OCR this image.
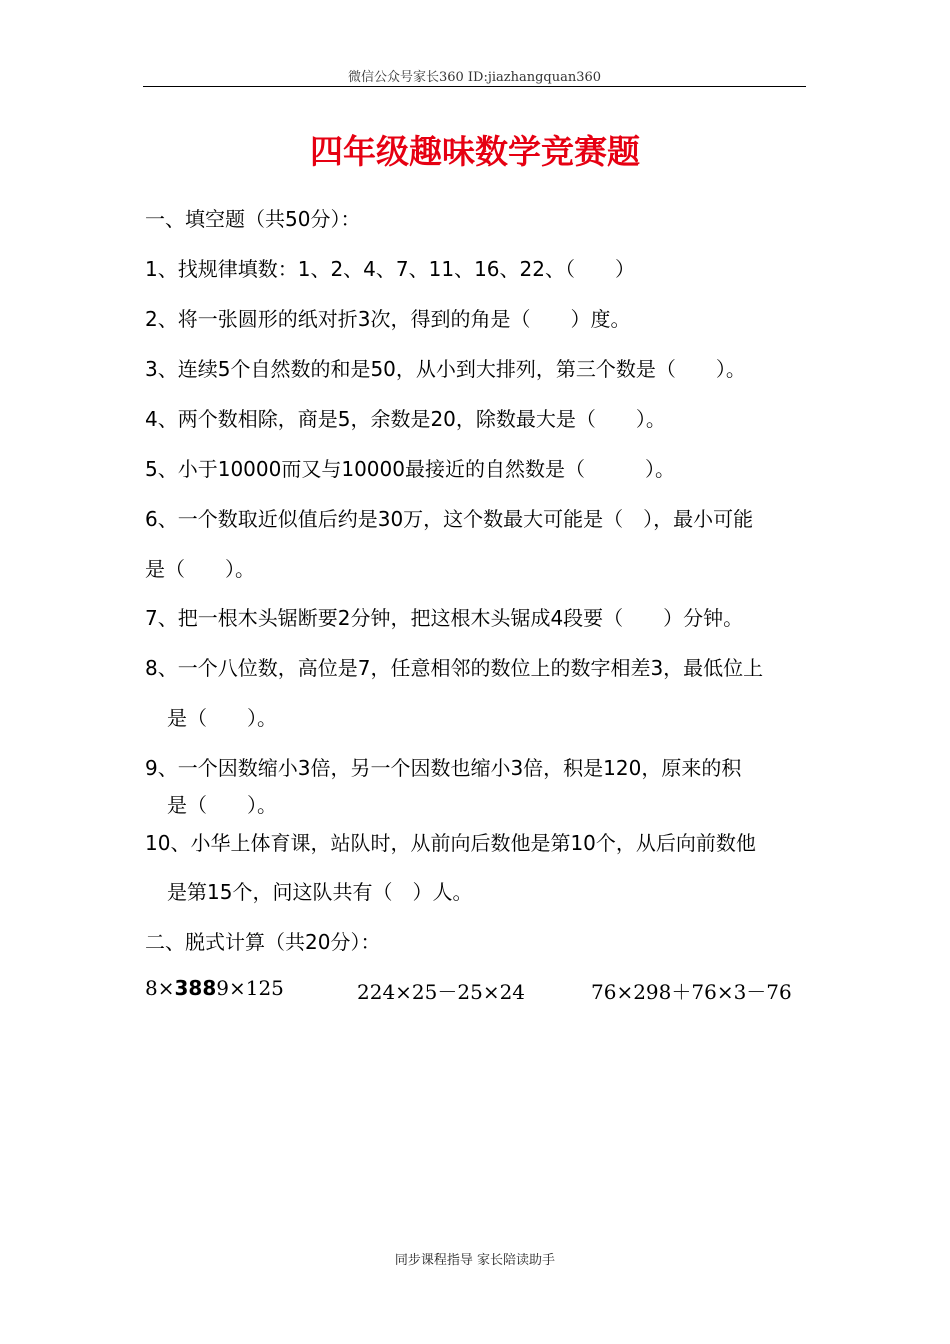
微信公众号家长360 ID:jiazhangquan360
四年级趣味数学竞赛题
一、填空题（共50分）：
1、找规律填数：1、2、4、7、11、16、22、（　　）
2、将一张圆形的纸对折3次，得到的角是（　　）度。
3、连续5个自然数的和是50，从小到大排列，第三个数是（　　）。
4、两个数相除，商是5，余数是20，除数最大是（　　）。
5、小于10000而又与10000最接近的自然数是（　　　）。
6、一个数取近似值后约是30万，这个数最大可能是（　），最小可能
是（　　）。
7、把一根木头锯断要2分钟，把这根木头锯成4段要（　　）分钟。
8、一个八位数，高位是7，任意相邻的数位上的数字相差3，最低位上
是（　　）。
9、一个因数缩小3倍，另一个因数也缩小3倍，积是120，原来的积
是（　　）。
10、小华上体育课，站队时，从前向后数他是第10个，从后向前数他
是第15个，问这队共有（　）人。
二、脱式计算（共20分）：
8×3889×125	224×25－25×24	76×298＋76×3－76
同步课程指导 家长陪读助手
